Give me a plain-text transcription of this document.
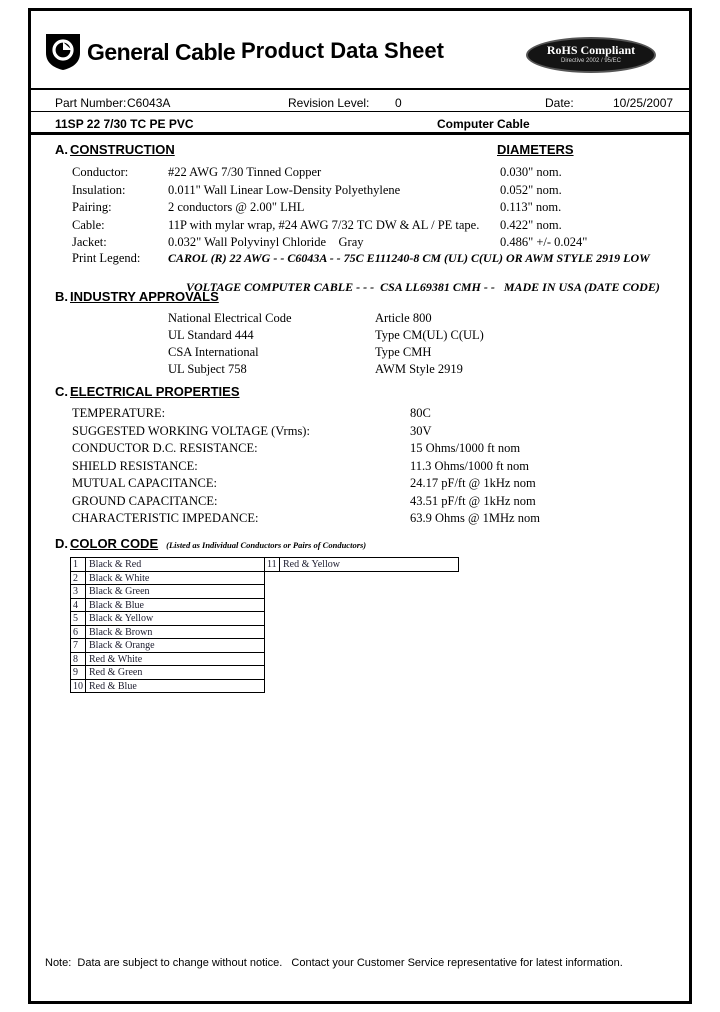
General Cable Product Data Sheet	RoHS Compliant
Directive 2002 / 95/EC
Part Number: C6043A	Revision Level: 0	Date:	10/25/2007
11SP 22 7/30 TC PE PVC	Computer Cable
A. CONSTRUCTION	DIAMETERS
Conductor:	#22 AWG 7/30 Tinned Copper	0.030" nom.
Insulation:	0.011" Wall Linear Low-Density Polyethylene	0.052" nom.
Pairing:	2 conductors @ 2.00" LHL	0.113" nom.
Cable:	11P with mylar wrap, #24 AWG 7/32 TC DW & AL / PE tape.	0.422" nom.
Jacket:	0.032" Wall Polyvinyl Chloride    Gray	0.486" +/- 0.024"
Print Legend:	CAROL (R) 22 AWG - - C6043A - - 75C E111240-8 CM (UL) C(UL) OR AWM STYLE 2919 LOW

VOLTAGE COMPUTER CABLE - - -  CSA LL69381 CMH - -   MADE IN USA (DATE CODE)
B. INDUSTRY APPROVALS
National Electrical Code	Article 800
UL Standard 444	Type CM(UL) C(UL)
CSA International	Type CMH
UL Subject 758	AWM Style 2919
C. ELECTRICAL PROPERTIES
TEMPERATURE:	80C
SUGGESTED WORKING VOLTAGE (Vrms):	30V
CONDUCTOR D.C. RESISTANCE:	15 Ohms/1000 ft nom
SHIELD RESISTANCE:	11.3 Ohms/1000 ft nom
MUTUAL CAPACITANCE:	24.17 pF/ft @ 1kHz nom
GROUND CAPACITANCE:	43.51 pF/ft @ 1kHz nom
CHARACTERISTIC IMPEDANCE:	63.9 Ohms @ 1MHz nom
D. COLOR CODE (Listed as Individual Conductors or Pairs of Conductors)
1	Black & Red
2	Black & White
3	Black & Green
4	Black & Blue
5	Black & Yellow
6	Black & Brown
7	Black & Orange
8	Red & White
9	Red & Green
10 Red & Blue
11 Red & Yellow
Note:  Data are subject to change without notice.   Contact your Customer Service representative for latest information.
